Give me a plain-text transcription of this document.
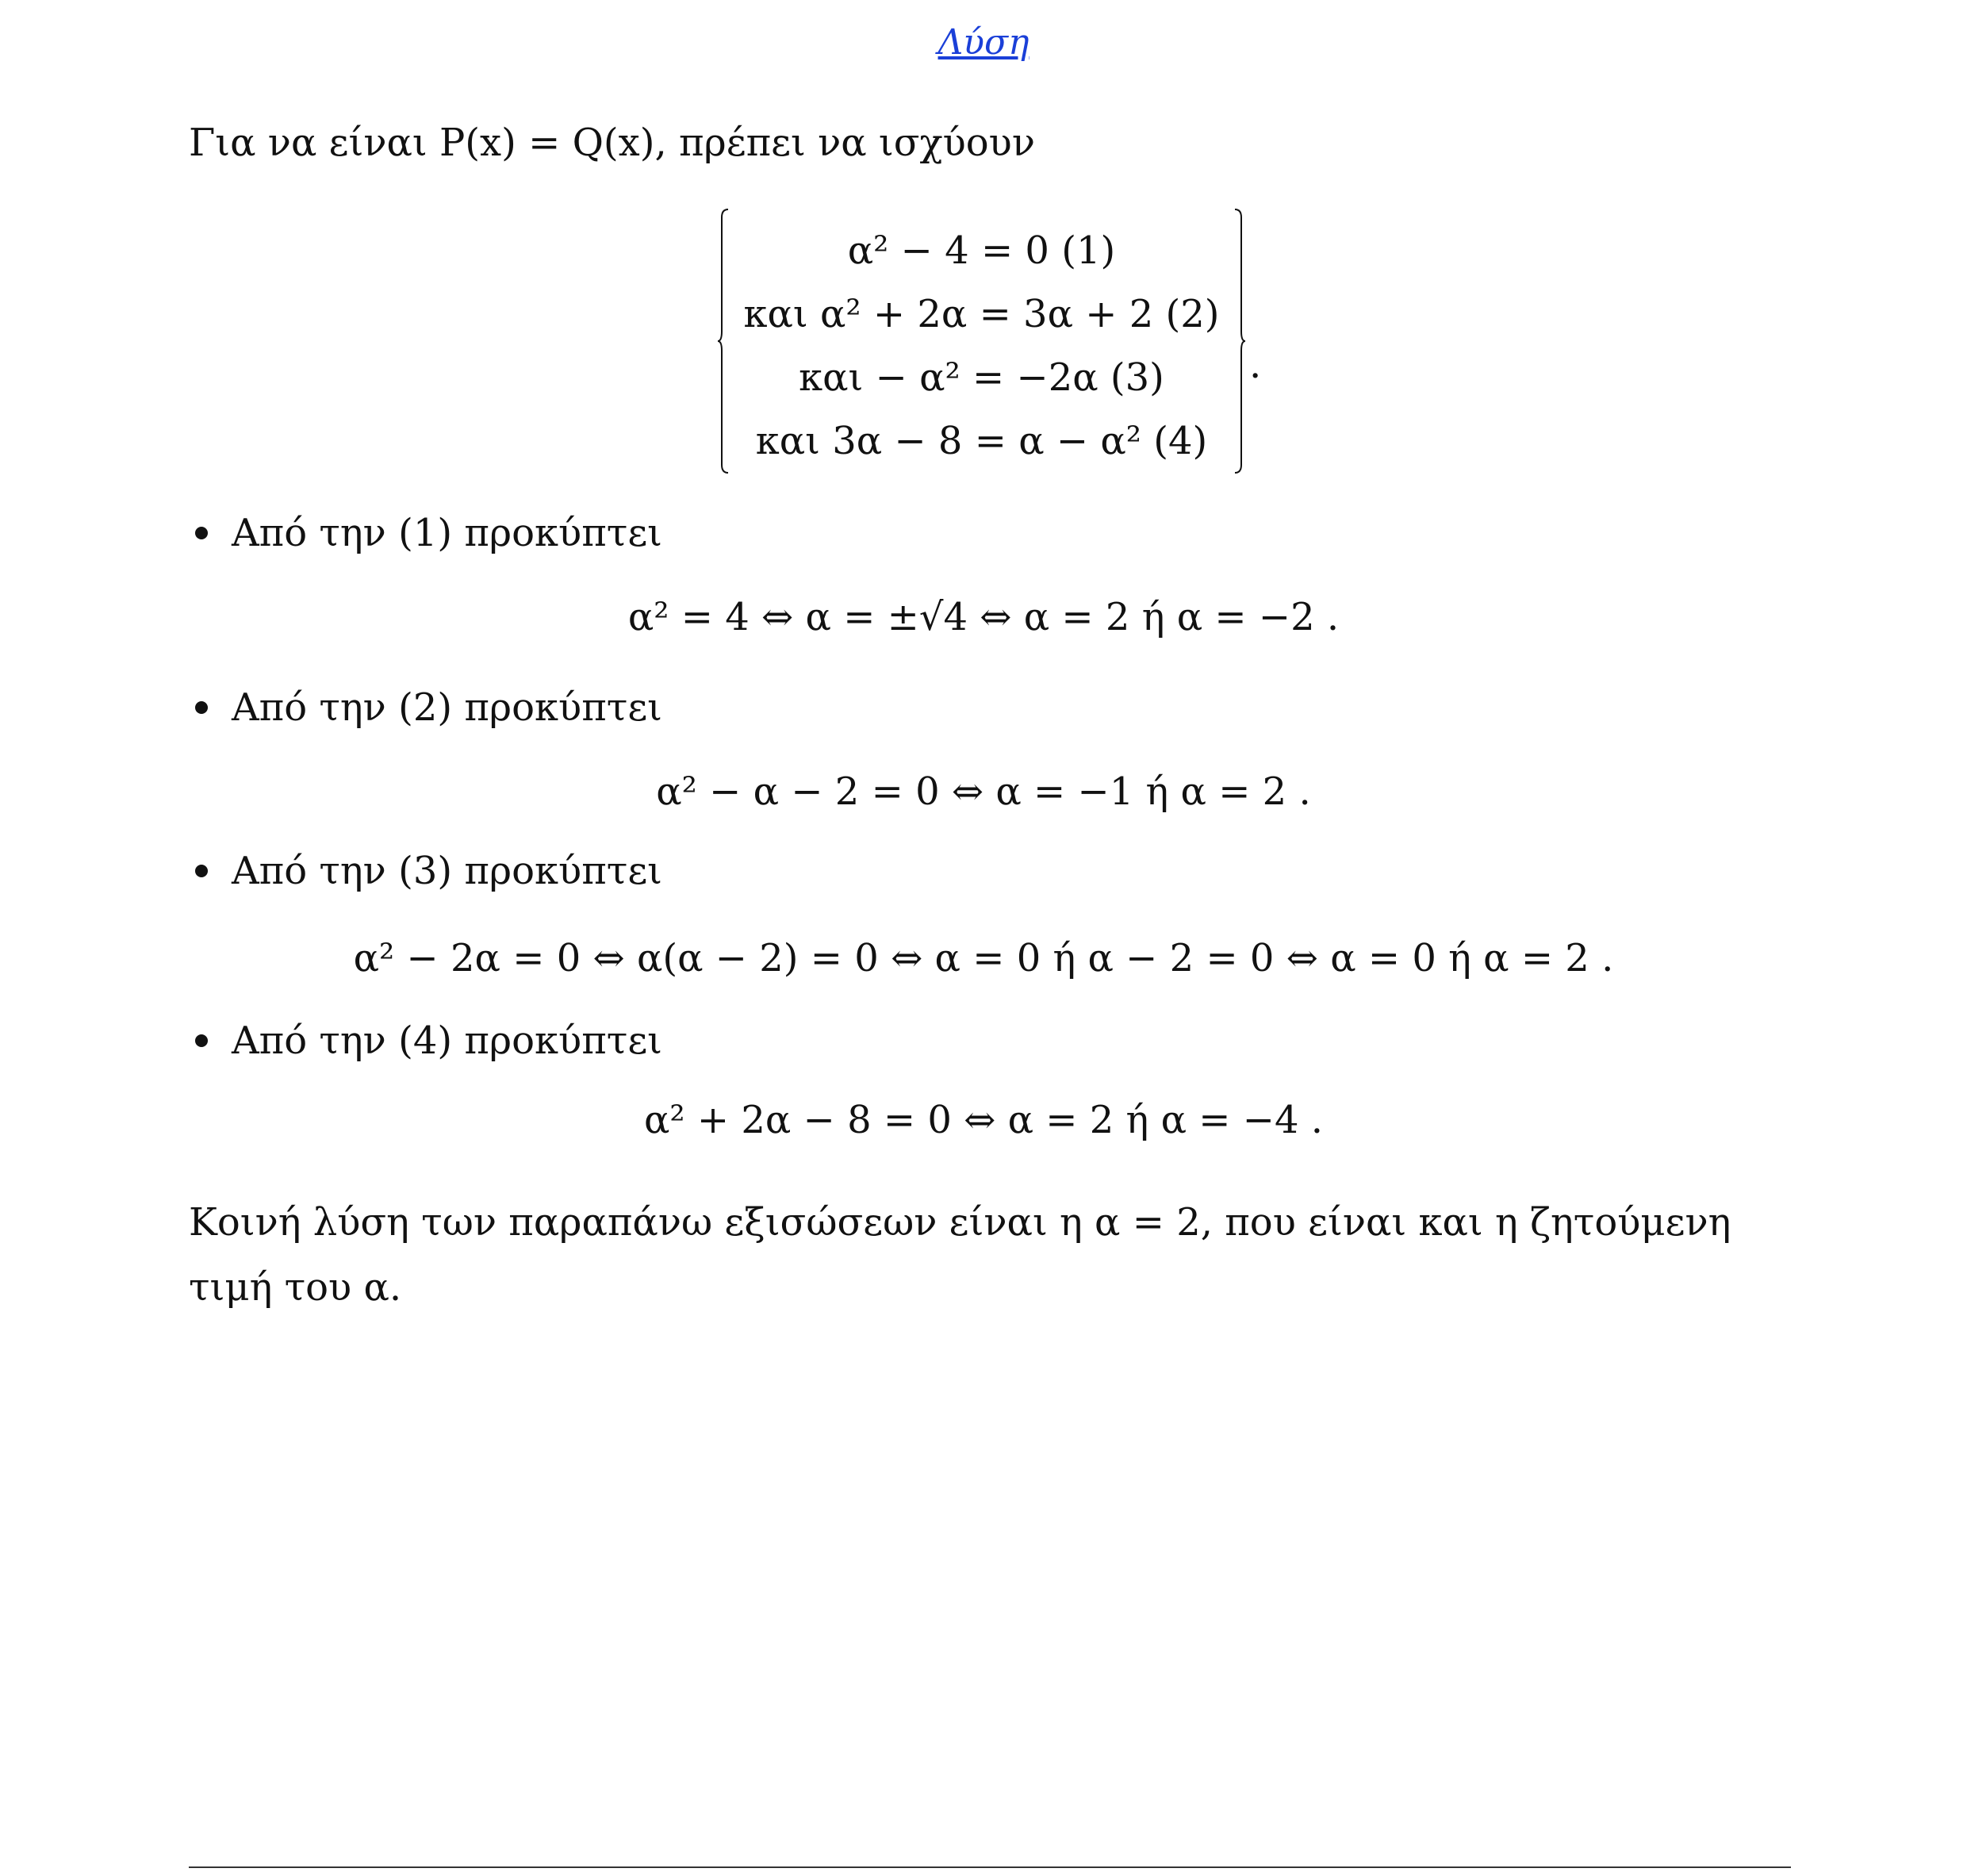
Λύση
Για να είναι P(x) = Q(x), πρέπει να ισχύουν
α² − 4 = 0 (1)
και α² + 2α = 3α + 2 (2)
και − α² = −2α (3)
και 3α − 8 = α − α² (4)
.
Από την (1) προκύπτει
α² = 4 ⇔ α = ±√4 ⇔ α = 2 ή α = −2 .
Από την (2) προκύπτει
α² − α − 2 = 0 ⇔ α = −1 ή α = 2 .
Από την (3) προκύπτει
α² − 2α = 0 ⇔ α(α − 2) = 0 ⇔ α = 0 ή α − 2 = 0 ⇔ α = 0 ή α = 2 .
Από την (4) προκύπτει
α² + 2α − 8 = 0 ⇔ α = 2 ή α = −4 .
Κοινή λύση των παραπάνω εξισώσεων είναι η α = 2, που είναι και η ζητούμενη τιμή του α.
